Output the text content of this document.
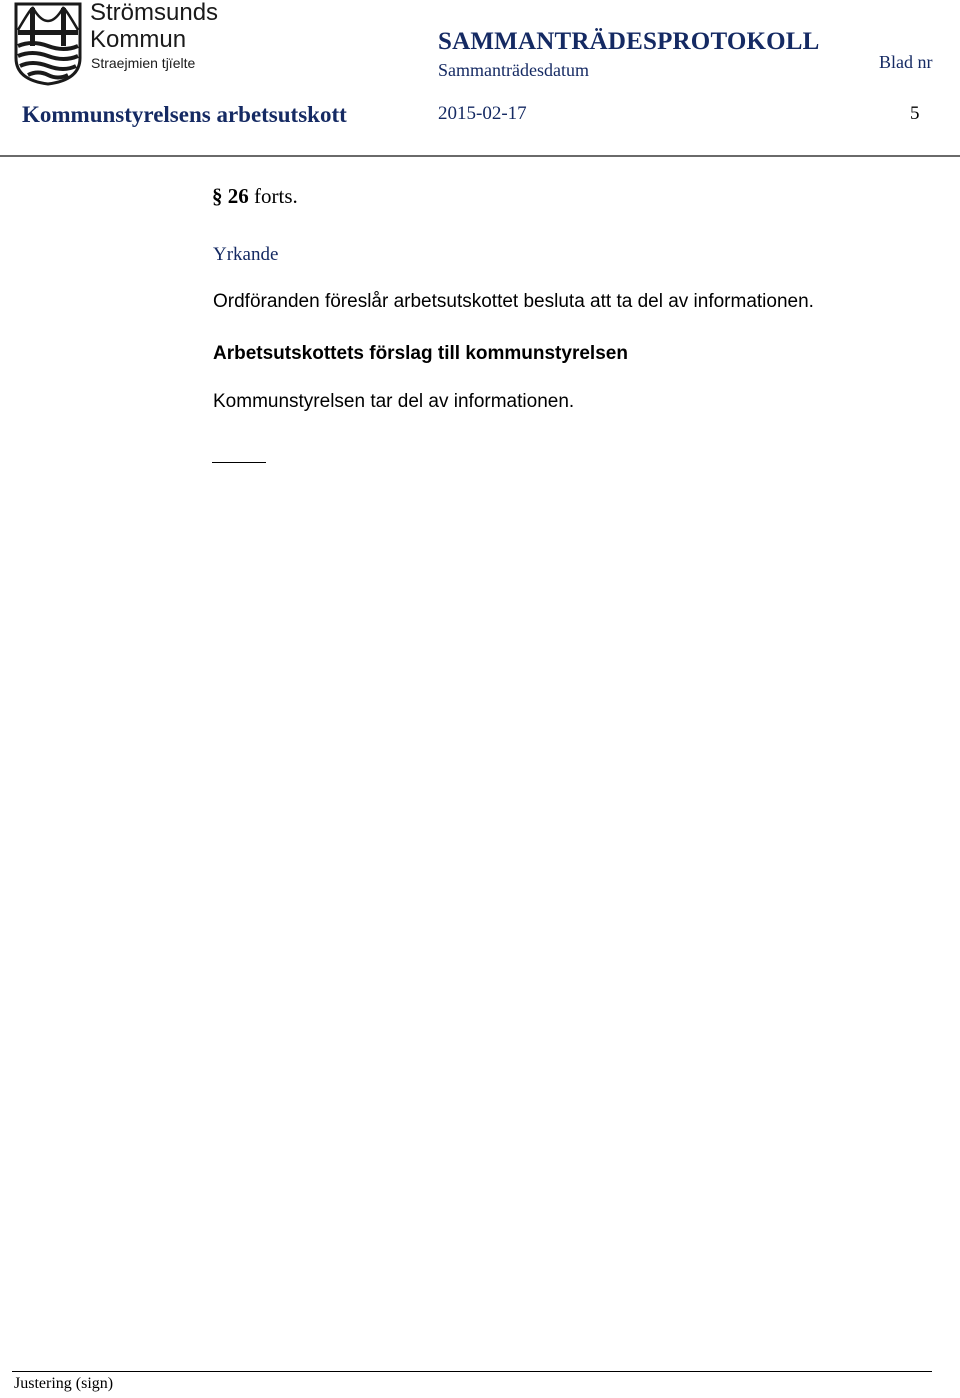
Strömsunds
Kommun
Straejmien tjïelte
SAMMANTRÄDESPROTOKOLL
Sammanträdesdatum	Blad nr
Kommunstyrelsens arbetsutskott	2015-02-17	5
§ 26 forts.
Yrkande
Ordföranden föreslår arbetsutskottet besluta att ta del av informationen.
Arbetsutskottets förslag till kommunstyrelsen
Kommunstyrelsen tar del av informationen.
Justering (sign)
